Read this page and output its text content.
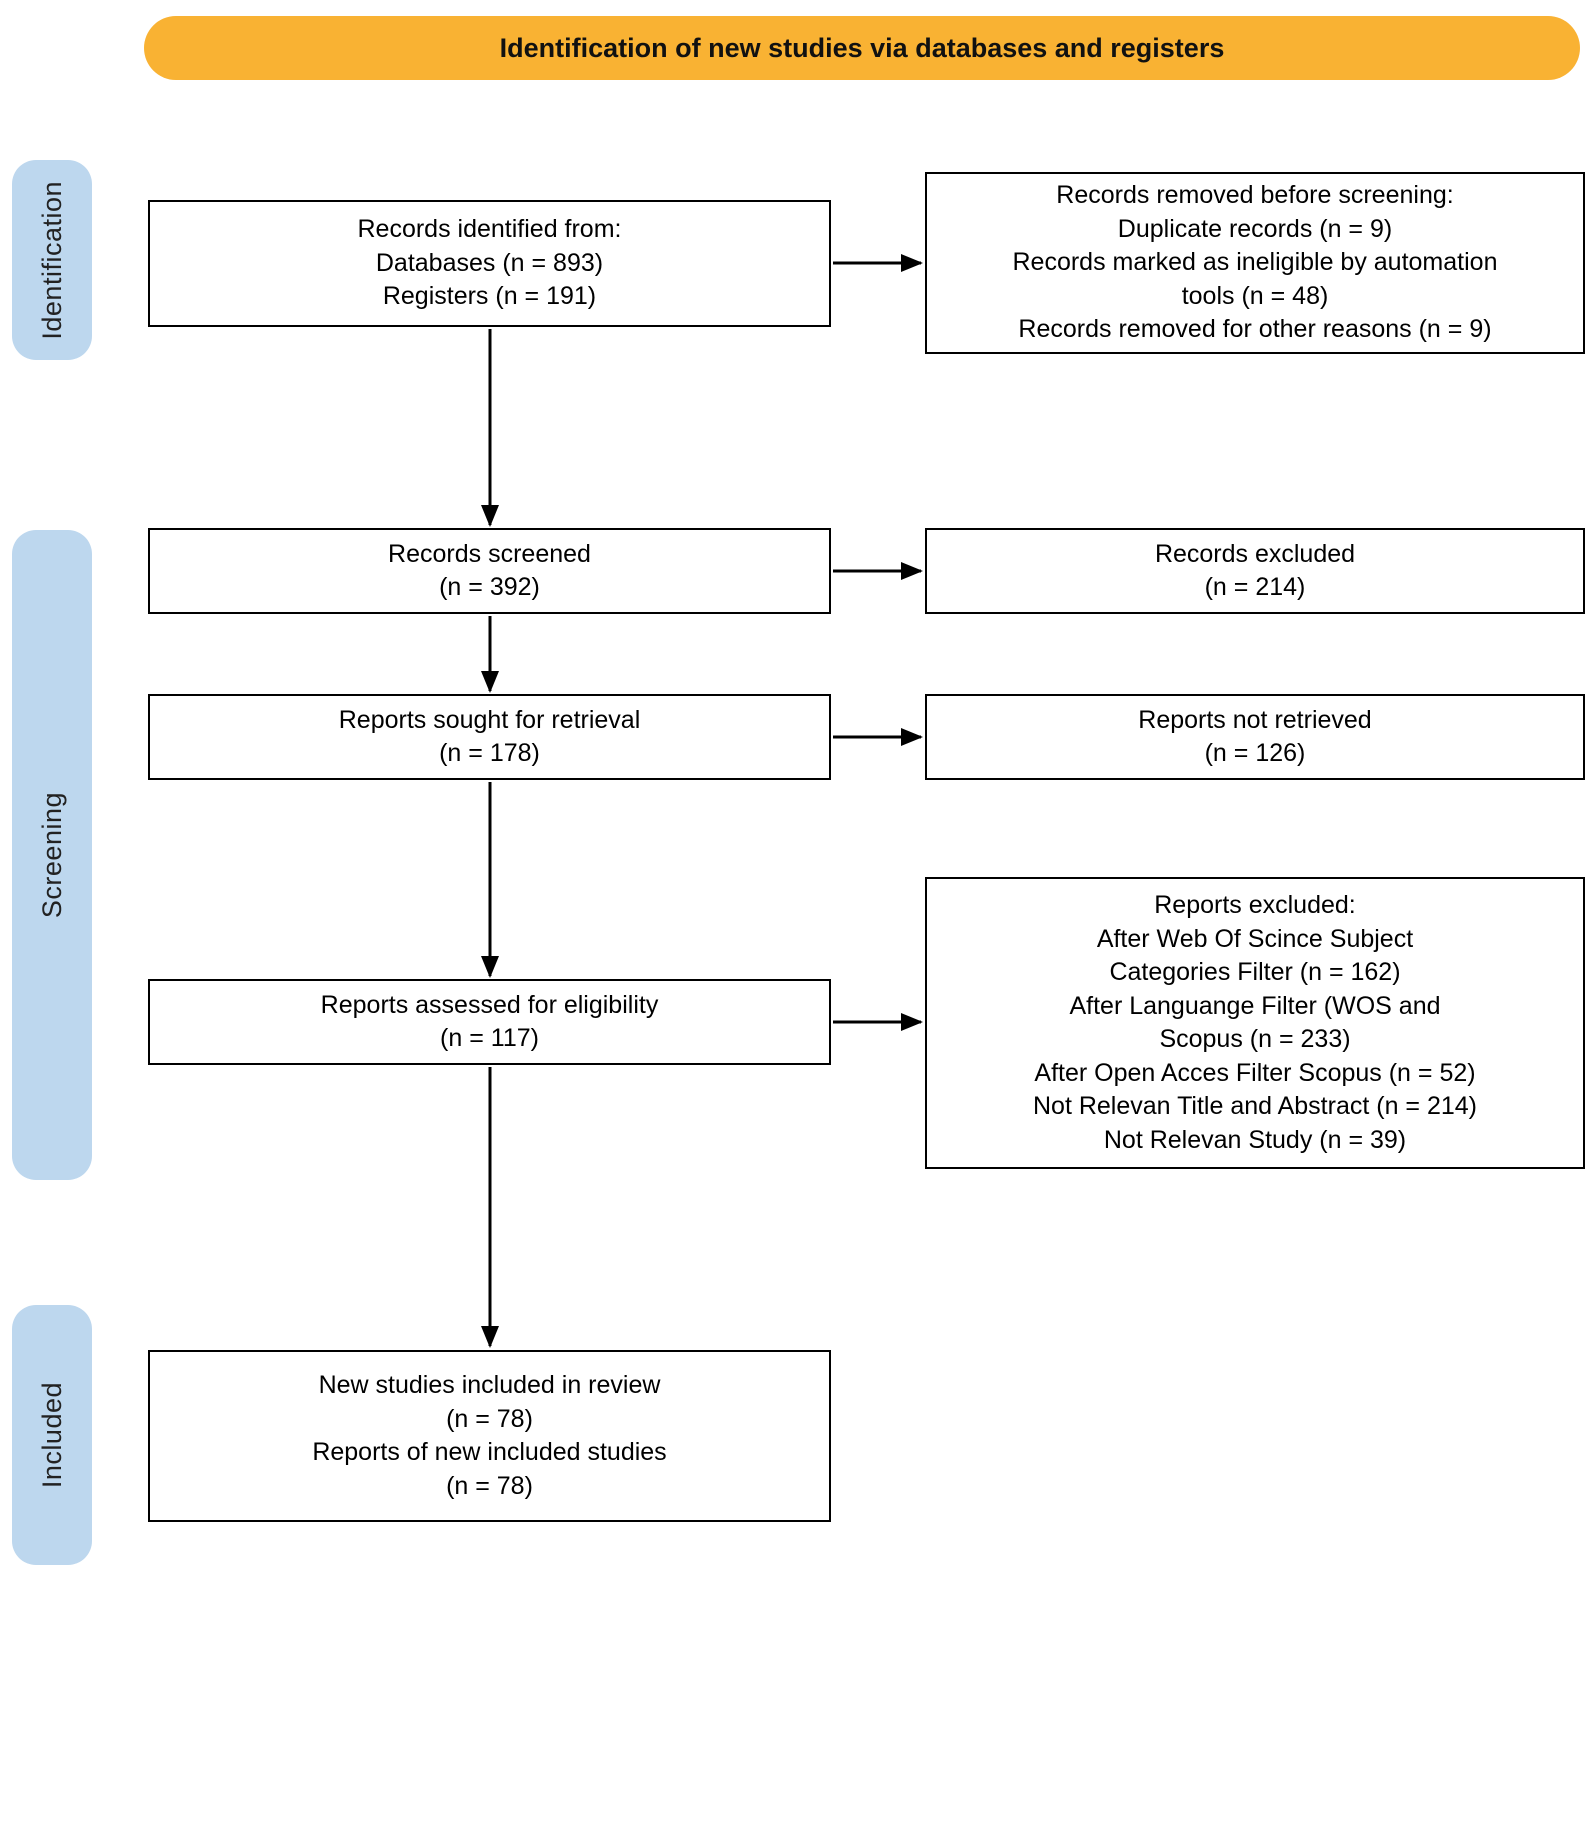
Identification of new studies via databases and registers
Identification
Screening
Included
Records identified from:
Databases (n = 893)
Registers (n = 191)
Records removed before screening:
Duplicate records (n = 9)
Records marked as ineligible by automation
tools (n = 48)
Records removed for other reasons (n = 9)
Records screened
(n = 392)
Records excluded
(n = 214)
Reports sought for retrieval
(n = 178)
Reports not retrieved
(n = 126)
Reports assessed for eligibility
(n = 117)
Reports excluded:
After Web Of Scince Subject
Categories Filter (n = 162)
After Languange Filter (WOS and
Scopus (n = 233)
After Open Acces Filter Scopus (n = 52)
Not Relevan Title and Abstract (n = 214)
Not Relevan Study (n = 39)
New studies included in review
(n = 78)
Reports of new included studies
(n = 78)
